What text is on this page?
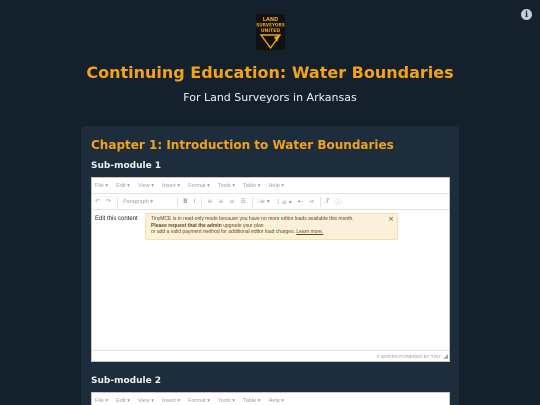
i
LAND
SURVEYORS
UNITED
Continuing Education: Water Boundaries
For Land Surveyors in Arkansas
Chapter 1: Introduction to Water Boundaries
Sub-module 1
File ▾ Edit ▾ View ▾ Insert ▾ Format ▾ Tools ▾ Table ▾ Help ▾
↶ ↷ Paragraph ▾	B I ≡ ≡ ≡ ☰ ⁝≡ ▾ ⒈≡ ▾ ⇤ ⇥ T̸ ⓘ
Edit this content	TinyMCE is in read-only mode because you have no more editor loads available this month.
Please request that the admin upgrade your plan
or add a valid payment method for additional editor load charges. Learn more.
×
0 WORDS POWERED BY TINY ◢
Sub-module 2
File ▾ Edit ▾ View ▾ Insert ▾ Format ▾ Tools ▾ Table ▾ Help ▾
